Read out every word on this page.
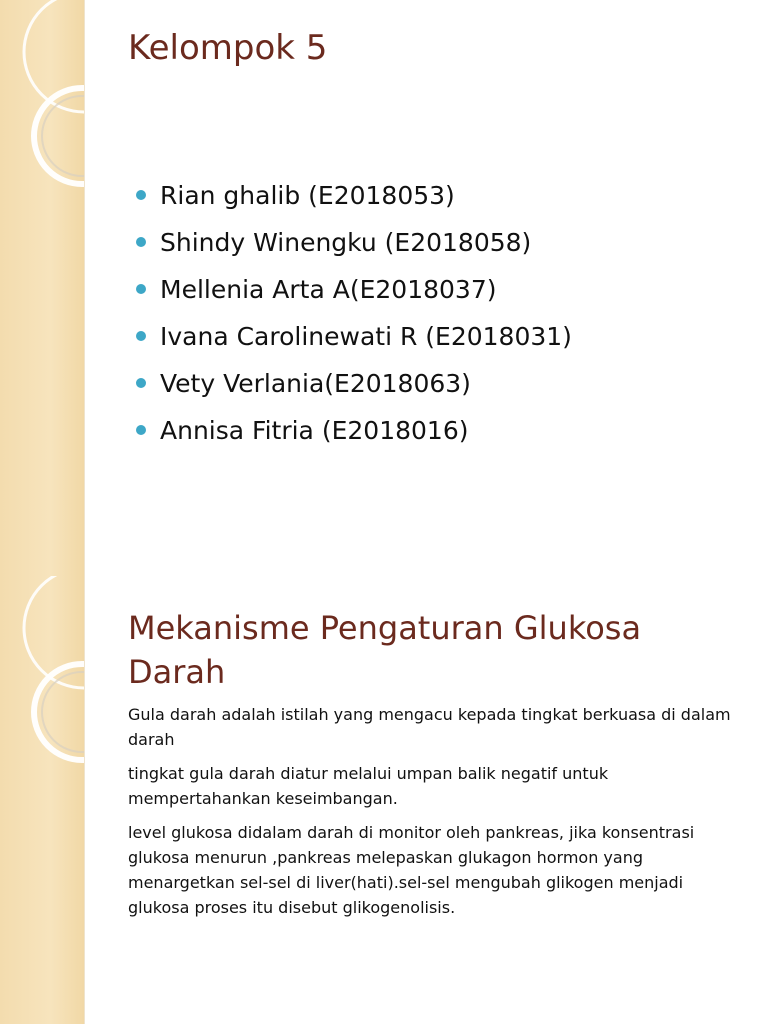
Kelompok 5
Rian ghalib (E2018053)
Shindy Winengku (E2018058)
Mellenia Arta A(E2018037)
Ivana Carolinewati R (E2018031)
Vety Verlania(E2018063)
Annisa Fitria (E2018016)
Mekanisme Pengaturan Glukosa Darah

Gula darah adalah istilah yang mengacu kepada tingkat berkuasa di dalam darah

tingkat gula darah diatur melalui umpan balik negatif untuk mempertahankan keseimbangan.

level glukosa didalam darah di monitor oleh pankreas, jika konsentrasi glukosa menurun ,pankreas melepaskan glukagon hormon yang menargetkan sel-sel di liver(hati).sel-sel mengubah glikogen menjadi glukosa proses itu disebut glikogenolisis.
